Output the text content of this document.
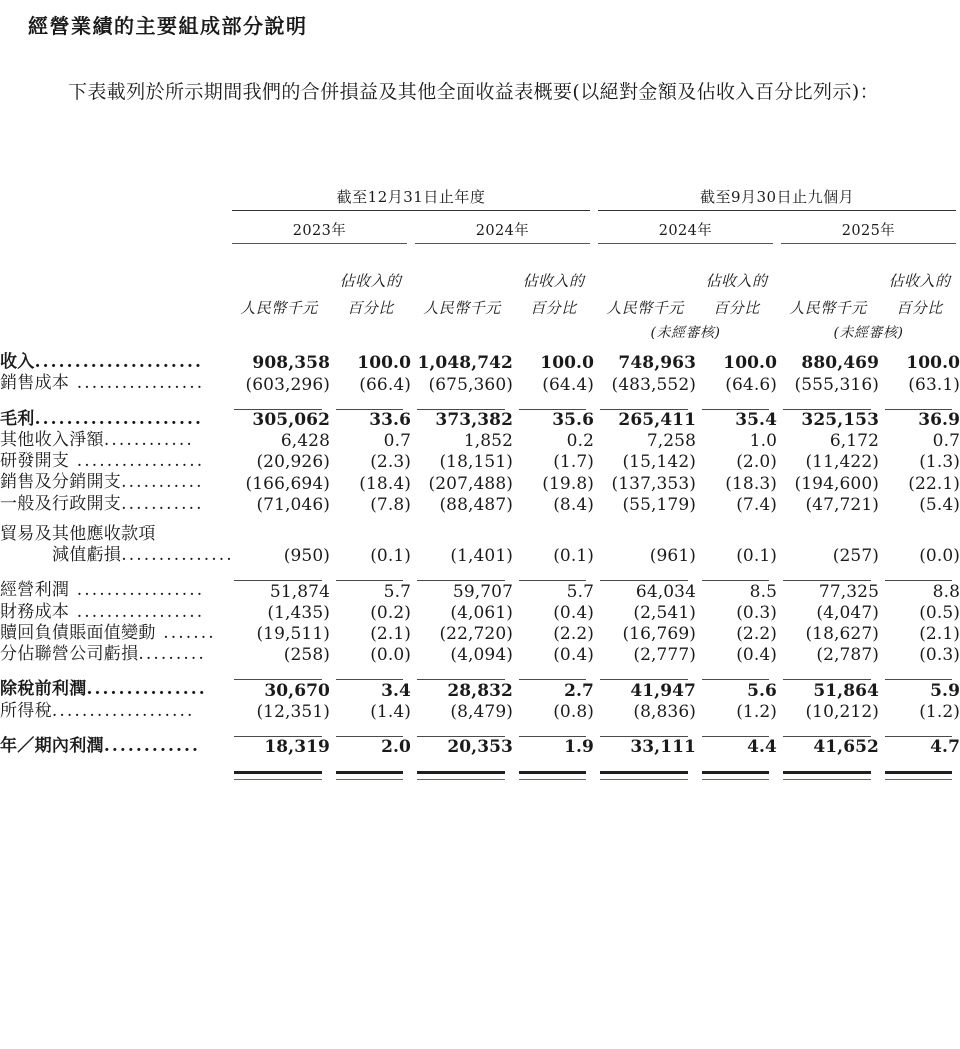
經營業績的主要組成部分說明
下表載列於所示期間我們的合併損益及其他全面收益表概要(以絕對金額及佔收入百分比列示)：
	截至12月31日止年度				截至9月30日止九個月			

	2023年		2024年		2024年		2025年	

		佔收入的		佔收入的		佔收入的		佔收入的
	人民幣千元	百分比	人民幣千元	百分比	人民幣千元	百分比	人民幣千元	百分比
					(未經審核)		(未經審核)	

收入.....................	908,358	100.0	1,048,742	100.0	748,963	100.0	880,469	100.0
銷售成本 .................	(603,296)	(66.4)	(675,360)	(64.4)	(483,552)	(64.6)	(555,316)	(63.1)
毛利.....................	305,062	33.6	373,382	35.6	265,411	35.4	325,153	36.9
其他收入淨額............	6,428	0.7	1,852	0.2	7,258	1.0	6,172	0.7
研發開支 .................	(20,926)	(2.3)	(18,151)	(1.7)	(15,142)	(2.0)	(11,422)	(1.3)
銷售及分銷開支...........	(166,694)	(18.4)	(207,488)	(19.8)	(137,353)	(18.3)	(194,600)	(22.1)
一般及行政開支...........	(71,046)	(7.8)	(88,487)	(8.4)	(55,179)	(7.4)	(47,721)	(5.4)
貿易及其他應收款項								
減值虧損...............	(950)	(0.1)	(1,401)	(0.1)	(961)	(0.1)	(257)	(0.0)
經營利潤 .................	51,874	5.7	59,707	5.7	64,034	8.5	77,325	8.8
財務成本 .................	(1,435)	(0.2)	(4,061)	(0.4)	(2,541)	(0.3)	(4,047)	(0.5)
贖回負債賬面值變動 .......	(19,511)	(2.1)	(22,720)	(2.2)	(16,769)	(2.2)	(18,627)	(2.1)
分佔聯營公司虧損.........	(258)	(0.0)	(4,094)	(0.4)	(2,777)	(0.4)	(2,787)	(0.3)
除稅前利潤...............	30,670	3.4	28,832	2.7	41,947	5.6	51,864	5.9
所得稅...................	(12,351)	(1.4)	(8,479)	(0.8)	(8,836)	(1.2)	(10,212)	(1.2)
年／期內利潤............	18,319	2.0	20,353	1.9	33,111	4.4	41,652	4.7
